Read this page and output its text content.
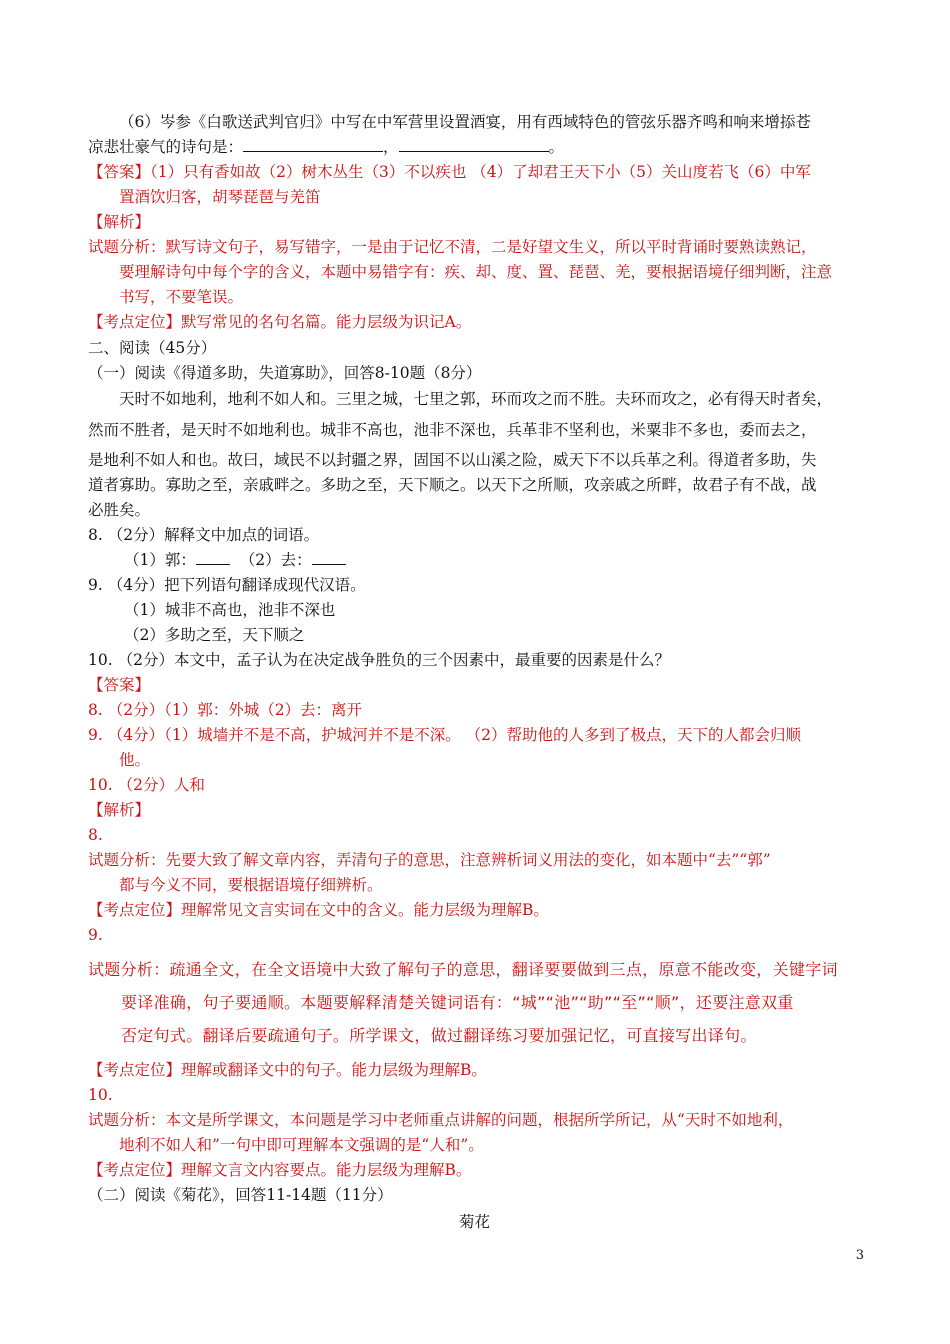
（6）岑参《白歌送武判官归》中写在中军营里设置酒宴，用有西域特色的管弦乐器齐鸣和响来增掭苍
凉悲壮豪气的诗句是：	，	。
【答案】（1）只有香如故（2）树木丛生（3）不以疾也 （4）了却君王天下小（5）关山度若飞（6）中军
置酒饮归客，胡琴琵琶与羌笛
【解析】
试题分析：默写诗文句子，易写错字，一是由于记忆不清，二是好望文生义，所以平时背诵时要熟读熟记，
要理解诗句中每个字的含义，本题中易错字有：疾、却、度、置、琵琶、羌，要根据语境仔细判断，注意
书写，不要笔误。
【考点定位】默写常见的名句名篇。能力层级为识记A。
二、阅读（45分）
（一）阅读《得道多助，失道寡助》，回答8-10题（8分）
天时不如地利，地利不如人和。三里之城，七里之郭，环而攻之而不胜。夫环而攻之，必有得天时者矣，
然而不胜者，是天时不如地利也。城非不高也，池非不深也，兵革非不坚利也，米粟非不多也，委而去之，
是地利不如人和也。故曰，域民不以封疆之界，固国不以山溪之险，威天下不以兵革之利。得道者多助，失
道者寡助。寡助之至，亲戚畔之。多助之至，天下顺之。以天下之所顺，攻亲戚之所畔，故君子有不战，战
必胜矣。
8. （2分）解释文中加点的词语。
（1）郭：	（2）去：
9. （4分）把下列语句翻译成现代汉语。
（1）城非不高也，池非不深也
（2）多助之至，天下顺之
10. （2分）本文中，孟子认为在决定战争胜负的三个因素中，最重要的因素是什么？
【答案】
8. （2分）（1）郭：外城（2）去：离开
9. （4分）（1）城墙并不是不高，护城河并不是不深。 （2）帮助他的人多到了极点，天下的人都会归顺
他。
10. （2分）人和
【解析】
8.
试题分析：先要大致了解文章内容，弄清句子的意思，注意辨析词义用法的变化，如本题中“去”“郭”
都与今义不同，要根据语境仔细辨析。
【考点定位】理解常见文言实词在文中的含义。能力层级为理解B。
9.
试题分析：疏通全文，在全文语境中大致了解句子的意思，翻译要要做到三点，原意不能改变，关键字词
要译准确，句子要通顺。本题要解释清楚关键词语有：“城”“池”“助”“至”“顺”，还要注意双重
否定句式。翻译后要疏通句子。所学课文，做过翻译练习要加强记忆，可直接写出译句。
【考点定位】理解或翻译文中的句子。能力层级为理解B。
10.
试题分析：本文是所学课文，本问题是学习中老师重点讲解的问题，根据所学所记，从“天时不如地利，
地利不如人和”一句中即可理解本文强调的是“人和”。
【考点定位】理解文言文内容要点。能力层级为理解B。
（二）阅读《菊花》，回答11-14题（11分）
菊花
3
